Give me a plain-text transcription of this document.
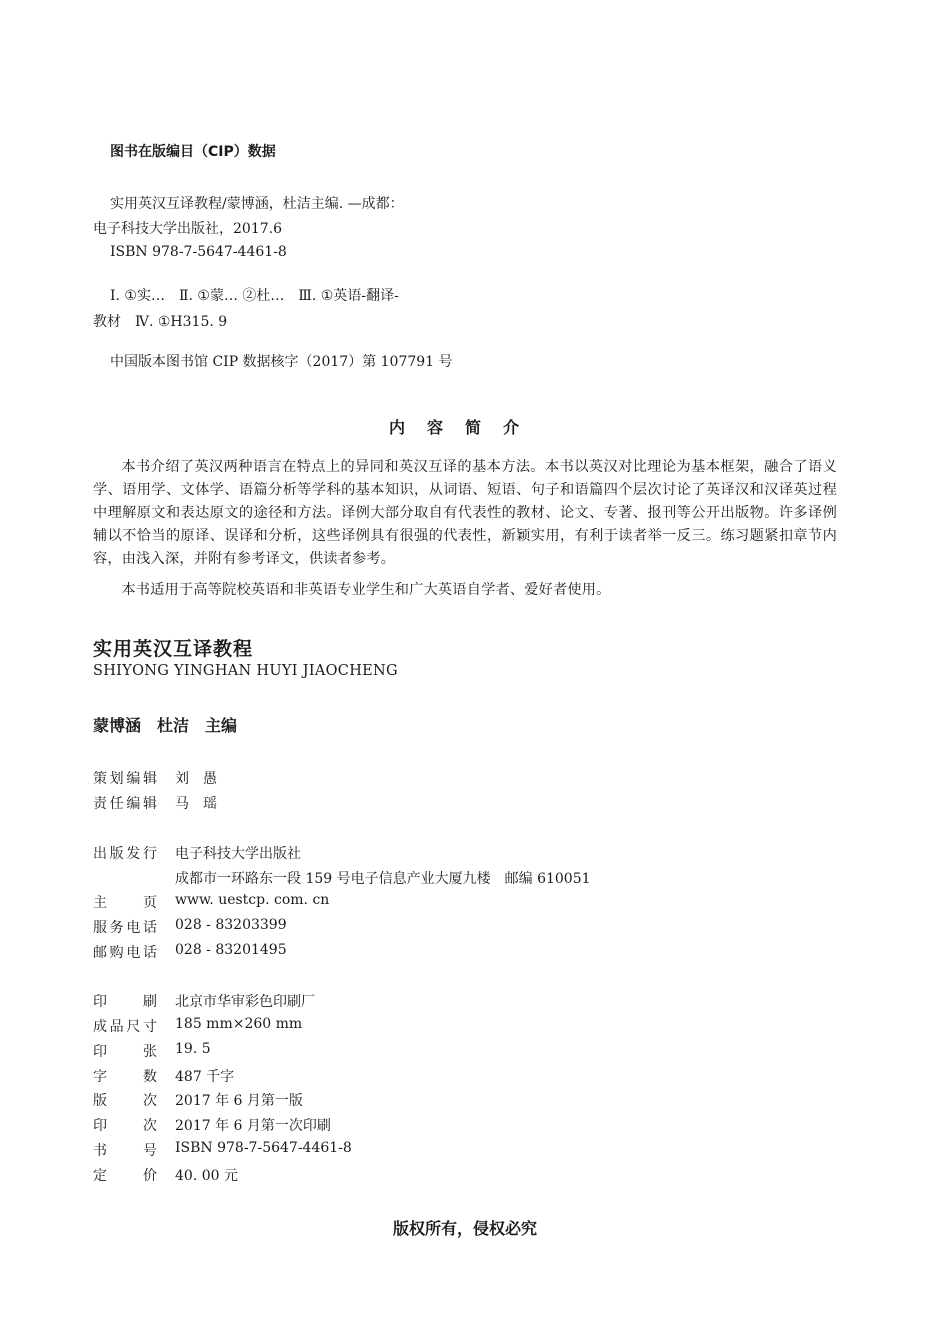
图书在版编目（CIP）数据
实用英汉互译教程/蒙博涵，杜洁主编. —成都：
电子科技大学出版社，2017.6
ISBN 978-7-5647-4461-8
Ⅰ. ①实…　Ⅱ. ①蒙… ②杜…　Ⅲ. ①英语-翻译-
教材　Ⅳ. ①H315. 9
中国版本图书馆 CIP 数据核字（2017）第 107791 号
内容简介
本书介绍了英汉两种语言在特点上的异同和英汉互译的基本方法。本书以英汉对比理论为基本框架，融合了语义学、语用学、文体学、语篇分析等学科的基本知识，从词语、短语、句子和语篇四个层次讨论了英译汉和汉译英过程中理解原文和表达原文的途径和方法。译例大部分取自有代表性的教材、论文、专著、报刊等公开出版物。许多译例辅以不恰当的原译、误译和分析，这些译例具有很强的代表性，新颖实用，有利于读者举一反三。练习题紧扣章节内容，由浅入深，并附有参考译文，供读者参考。
本书适用于高等院校英语和非英语专业学生和广大英语自学者、爱好者使用。
实用英汉互译教程
SHIYONG YINGHAN HUYI JIAOCHENG
蒙博涵 杜洁 主编
策划编辑 刘　愚
责任编辑 马　瑶
出版发行 电子科技大学出版社
成都市一环路东一段 159 号电子信息产业大厦九楼　邮编 610051
主页 www. uestcp. com. cn
服务电话 028 - 83203399
邮购电话 028 - 83201495
印刷 北京市华审彩色印刷厂
成品尺寸 185 mm×260 mm
印张 19. 5
字数 487 千字
版次 2017 年 6 月第一版
印次 2017 年 6 月第一次印刷
书号 ISBN 978-7-5647-4461-8
定价 40. 00 元
版权所有，侵权必究
